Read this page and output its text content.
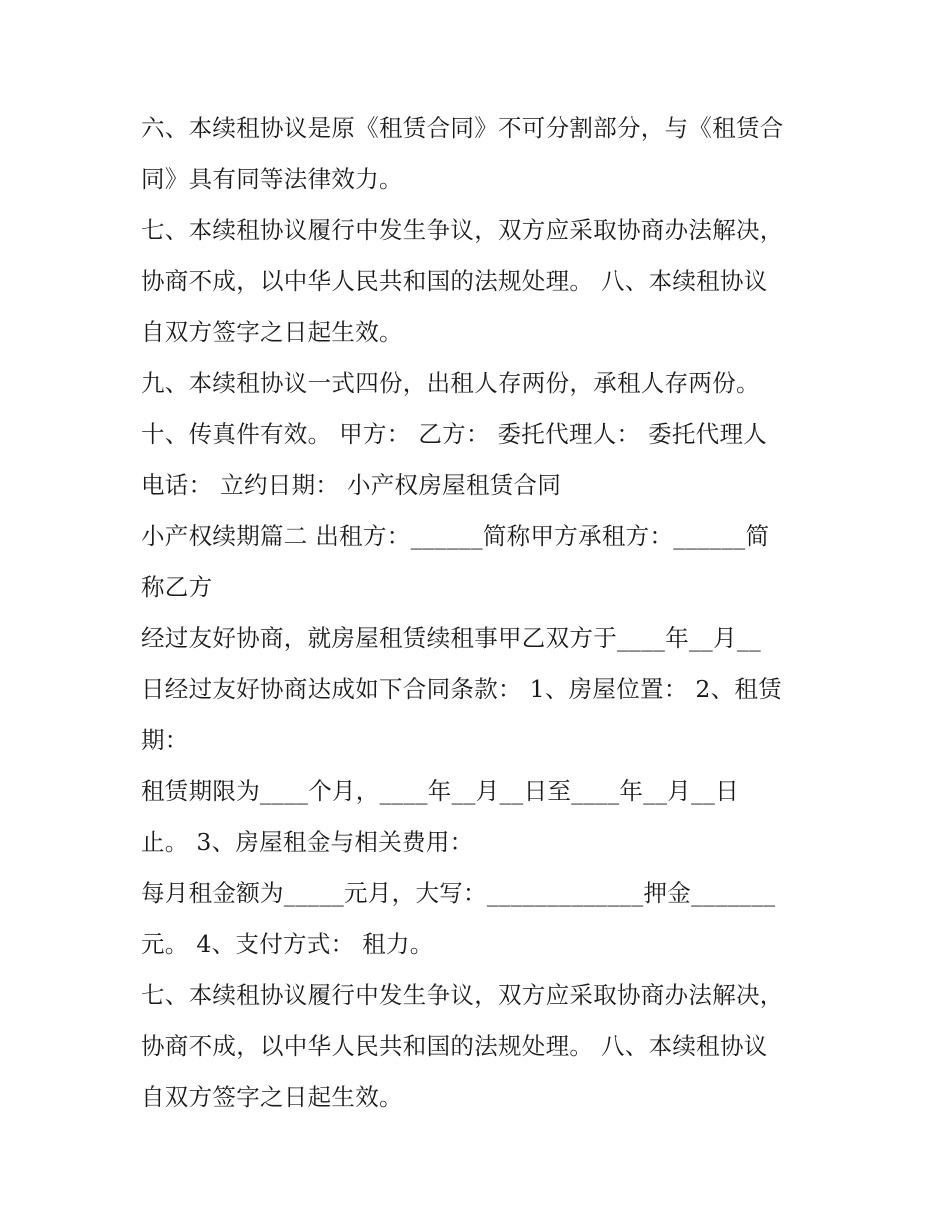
六、本续租协议是原《租赁合同》不可分割部分，与《租赁合
同》具有同等法律效力。
七、本续租协议履行中发生争议，双方应采取协商办法解决，
协商不成，以中华人民共和国的法规处理。 八、本续租协议
自双方签字之日起生效。
九、本续租协议一式四份，出租人存两份，承租人存两份。
十、传真件有效。 甲方： 乙方： 委托代理人： 委托代理人
电话： 立约日期： 小产权房屋租赁合同
小产权续期篇二 出租方：______简称甲方承租方：______简
称乙方
经过友好协商，就房屋租赁续租事甲乙双方于____年__月__
日经过友好协商达成如下合同条款： 1、房屋位置： 2、租赁
期：
租赁期限为____个月，____年__月__日至____年__月__日
止。 3、房屋租金与相关费用：
每月租金额为_____元月，大写：_____________押金_______
元。 4、支付方式： 租力。
七、本续租协议履行中发生争议，双方应采取协商办法解决，
协商不成，以中华人民共和国的法规处理。 八、本续租协议
自双方签字之日起生效。
